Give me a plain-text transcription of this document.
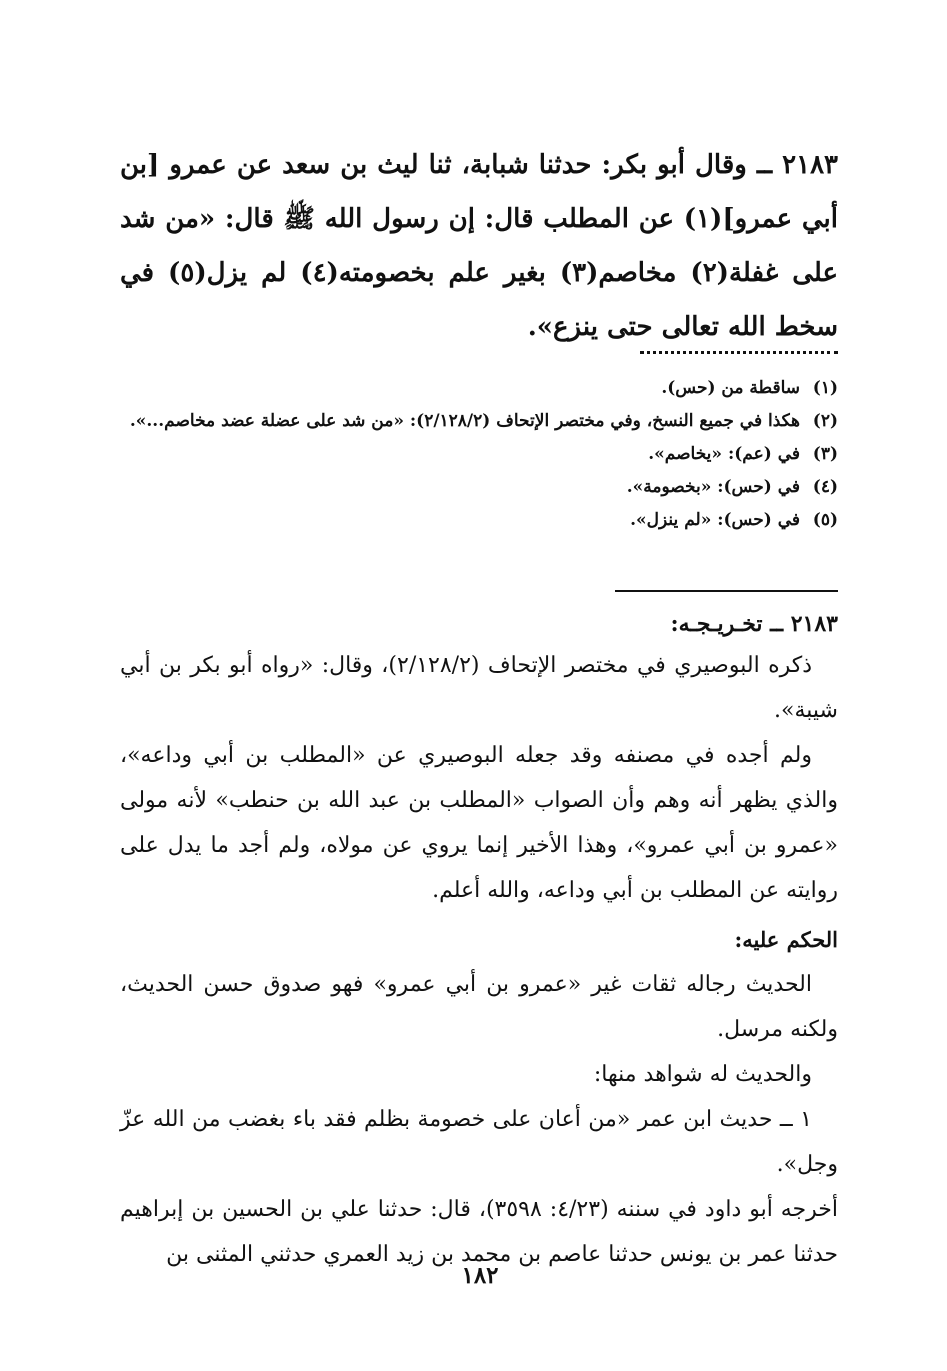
٢١٨٣ ــ وقال أبو بكر: حدثنا شبابة، ثنا ليث بن سعد عن عمرو [بن أبي عمرو](١) عن المطلب قال: إن رسول الله ﷺ قال: «من شد على غفلة(٢) مخاصم(٣) بغير علم بخصومته(٤) لم يزل(٥) في سخط الله تعالى حتى ينزع».
(١)ساقطة من (حس).
(٢)هكذا في جميع النسخ، وفي مختصر الإتحاف (٢/١٢٨/٢): «من شد على عضلة عضد مخاصم...».
(٣)في (عم): «يخاصم».
(٤)في (حس): «بخصومة».
(٥)في (حس): «لم ينزل».
٢١٨٣ ــ تخـريـجـه:

ذكره البوصيري في مختصر الإتحاف (٢/١٢٨/٢)، وقال: «رواه أبو بكر بن أبي شيبة».

ولم أجده في مصنفه وقد جعله البوصيري عن «المطلب بن أبي وداعه»، والذي يظهر أنه وهم وأن الصواب «المطلب بن عبد الله بن حنطب» لأنه مولى «عمرو بن أبي عمرو»، وهذا الأخير إنما يروي عن مولاه، ولم أجد ما يدل على روايته عن المطلب بن أبي وداعه، والله أعلم.

الحكم عليه:

الحديث رجاله ثقات غير «عمرو بن أبي عمرو» فهو صدوق حسن الحديث، ولكنه مرسل.

والحديث له شواهد منها:

١ ــ حديث ابن عمر «من أعان على خصومة بظلم فقد باء بغضب من الله عزّ وجل».

أخرجه أبو داود في سننه (٤/٢٣: ٣٥٩٨)، قال: حدثنا علي بن الحسين بن إبراهيم حدثنا عمر بن يونس حدثنا عاصم بن محمد بن زيد العمري حدثني المثنى بن

١٨٢
